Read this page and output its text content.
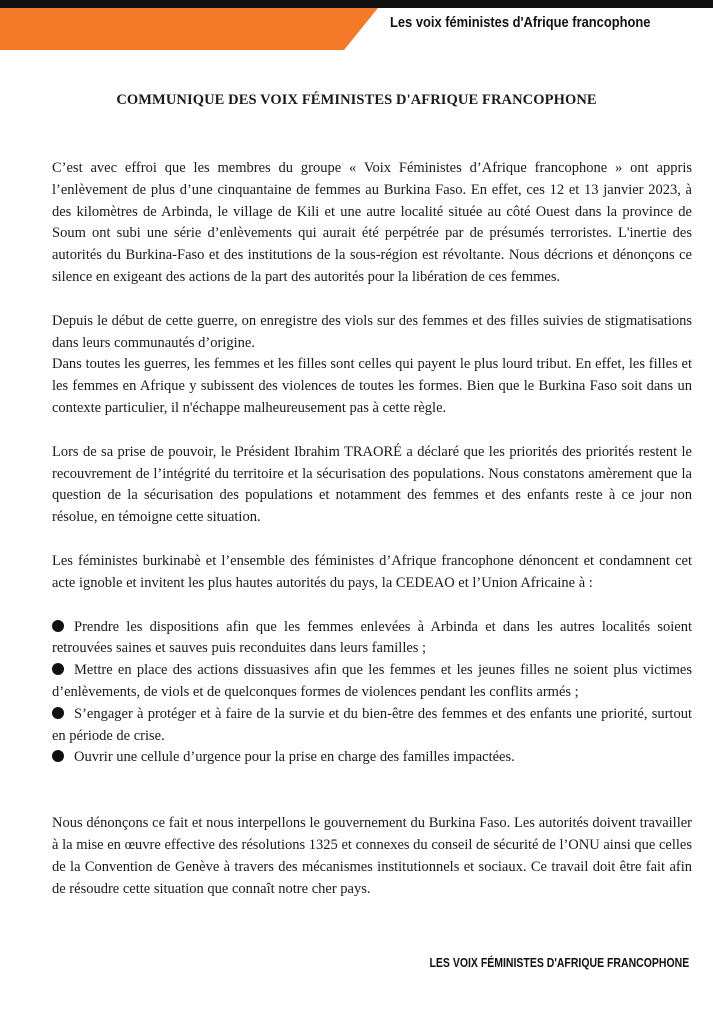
Les voix féministes d'Afrique francophone
COMMUNIQUE DES VOIX FÉMINISTES D'AFRIQUE FRANCOPHONE

C’est avec effroi que les membres du groupe « Voix Féministes d’Afrique francophone » ont appris l’enlèvement de plus d’une cinquantaine de femmes au Burkina Faso. En effet, ces 12 et 13 janvier 2023, à des kilomètres de Arbinda, le village de Kili et une autre localité située au côté Ouest dans la province de Soum ont subi une série d’enlèvements qui aurait été perpétrée par de présumés terroristes. L'inertie des autorités du Burkina-Faso et des institutions de la sous-région est révoltante. Nous décrions et dénonçons ce silence en exigeant des actions de la part des autorités pour la libération de ces femmes.

Depuis le début de cette guerre, on enregistre des viols sur des femmes et des filles suivies de stigmatisations dans leurs communautés d’origine.

Dans toutes les guerres, les femmes et les filles sont celles qui payent le plus lourd tribut. En effet, les filles et les femmes en Afrique y subissent des violences de toutes les formes. Bien que le Burkina Faso soit dans un contexte particulier, il n'échappe malheureusement pas à cette règle.

Lors de sa prise de pouvoir, le Président Ibrahim TRAORÉ a déclaré que les priorités des priorités restent le recouvrement de l’intégrité du territoire et la sécurisation des populations. Nous constatons amèrement que la question de la sécurisation des populations et notamment des femmes et des enfants reste à ce jour non résolue, en témoigne cette situation.

Les féministes burkinabè et l’ensemble des féministes d’Afrique francophone dénoncent et condamnent cet acte ignoble et invitent les plus hautes autorités du pays, la CEDEAO et l’Union Africaine à :

Prendre les dispositions afin que les femmes enlevées à Arbinda et dans les autres localités soient retrouvées saines et sauves puis reconduites dans leurs familles ;

Mettre en place des actions dissuasives afin que les femmes et les jeunes filles ne soient plus victimes d’enlèvements, de viols et de quelconques formes de violences pendant les conflits armés ;

S’engager à protéger et à faire de la survie et du bien-être des femmes et des enfants une priorité, surtout en période de crise.

Ouvrir une cellule d’urgence pour la prise en charge des familles impactées.

Nous dénonçons ce fait et nous interpellons le gouvernement du Burkina Faso. Les autorités doivent travailler à la mise en œuvre effective des résolutions 1325 et connexes du conseil de sécurité de l’ONU ainsi que celles de la Convention de Genève à travers des mécanismes institutionnels et sociaux. Ce travail doit être fait afin de résoudre cette situation que connaît notre cher pays.

LES VOIX FÉMINISTES D'AFRIQUE FRANCOPHONE
